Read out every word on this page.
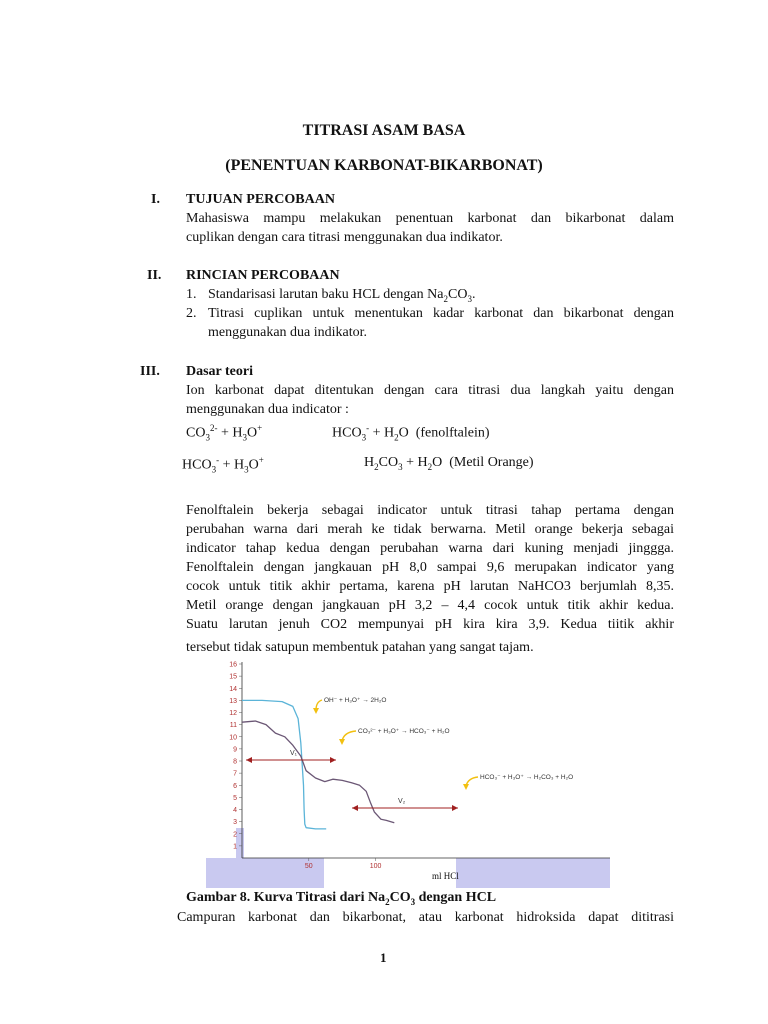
TITRASI ASAM BASA
(PENENTUAN KARBONAT-BIKARBONAT)
I. TUJUAN PERCOBAAN
Mahasiswa mampu melakukan penentuan karbonat dan bikarbonat dalam
cuplikan dengan cara titrasi menggunakan dua indikator.
II. RINCIAN PERCOBAAN
1. Standarisasi larutan baku HCL dengan $Na_2CO_3$.
2. Titrasi cuplikan untuk menentukan kadar karbonat dan bikarbonat dengan
menggunakan dua indikator.
III. Dasar teori
Ion karbonat dapat ditentukan dengan cara titrasi dua langkah yaitu dengan
menggunakan dua indicator :
$CO_3^{2-} + H_3O^+$	$HCO_3^- + H_2O$  (fenolftalein)
$HCO_3^- + H_3O^+$	$H_2CO_3 + H_2O$  (Metil Orange)
Fenolftalein bekerja sebagai indicator untuk titrasi tahap pertama dengan
perubahan warna dari merah ke tidak berwarna. Metil orange bekerja sebagai
indicator tahap kedua dengan perubahan warna dari kuning menjadi jinggga.
Fenolftalein dengan jangkauan pH 8,0 sampai 9,6 merupakan indicator yang
cocok untuk titik akhir pertama, karena pH larutan NaHCO3 berjumlah 8,35.
Metil orange dengan jangkauan pH 3,2 – 4,4 cocok untuk titik akhir kedua.
Suatu larutan jenuh CO2 mempunyai pH kira kira 3,9. Kedua tiitik akhir
tersebut tidak satupun membentuk patahan yang sangat tajam.
1
2
3
4
5
6
7
8
9
10
11
12
13
14
15
16
50	100
V₁
V₂
OH⁻ + H₃O⁺ → 2H₂O
CO₃²⁻ + H₃O⁺ → HCO₃⁻ + H₂O
HCO₃⁻ + H₃O⁺ → H₂CO₃ + H₂O
ml HCl
Gambar 8. Kurva Titrasi dari $Na_2CO_3$ dengan HCL
Campuran karbonat dan bikarbonat, atau karbonat hidroksida dapat dititrasi
1
